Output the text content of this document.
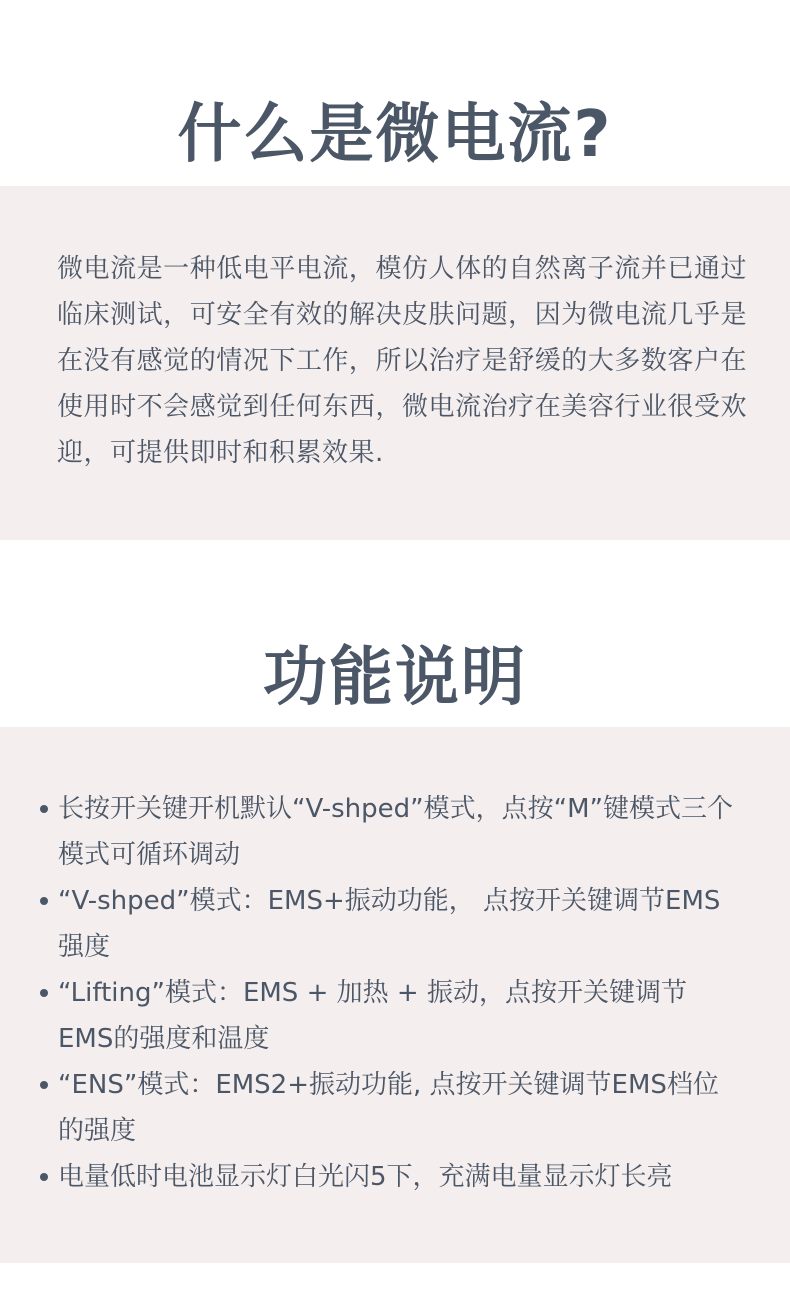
什么是微电流?

微电流是一种低电平电流，模仿人体的自然离子流并已通过临床测试，可安全有效的解决皮肤问题，因为微电流几乎是在没有感觉的情况下工作，所以治疗是舒缓的大多数客户在使用时不会感觉到任何东西，微电流治疗在美容行业很受欢迎，可提供即时和积累效果.

功能说明
长按开关键开机默认“V-shped”模式，点按“M”键模式三个模式可循环调动
“V-shped”模式：EMS+振动功能， 点按开关键调节EMS强度
“Lifting”模式：EMS + 加热 + 振动，点按开关键调节EMS的强度和温度
“ENS”模式：EMS2+振动功能, 点按开关键调节EMS档位的强度
电量低时电池显示灯白光闪5下，充满电量显示灯长亮
